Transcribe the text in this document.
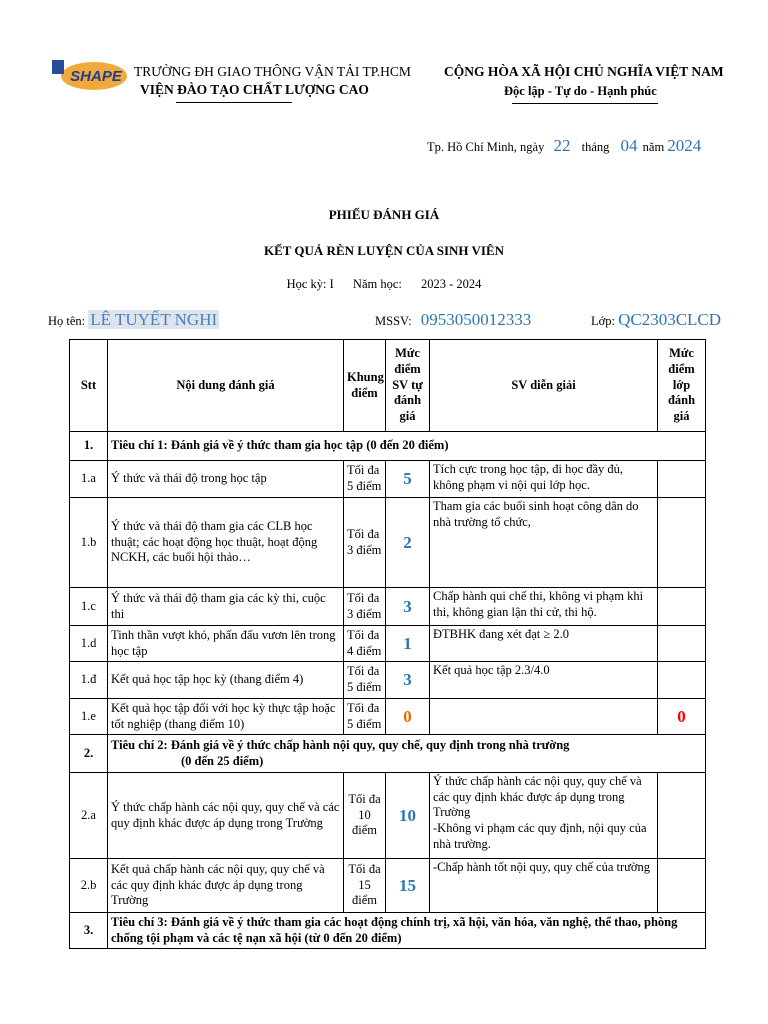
SHAPE TRƯỜNG ĐH GIAO THÔNG VẬN TẢI TP.HCM
VIỆN ĐÀO TẠO CHẤT LƯỢNG CAO
CỘNG HÒA XÃ HỘI CHỦ NGHĨA VIỆT NAM
Độc lập - Tự do - Hạnh phúc
Tp. Hồ Chí Minh, ngày 22 tháng 04 năm 2024
PHIẾU ĐÁNH GIÁ
KẾT QUẢ RÈN LUYỆN CỦA SINH VIÊN
Học kỳ: I Năm học: 2023 - 2024
Họ tên: LÊ TUYẾT NGHI	MSSV: 0953050012333	Lớp: QC2303CLCD
Stt	Nội dung đánh giá	Khung điểm	Mức điểm SV tự đánh giá	SV diễn giải	Mức điểm lớp đánh giá
1.	Tiêu chí 1: Đánh giá về ý thức tham gia học tập (0 đến 20 điểm)				
1.a	Ý thức và thái độ trong học tập	Tối đa 5 điểm	5	Tích cực trong học tập, đi học đầy đủ, không phạm vi nội qui lớp học.	
1.b	Ý thức và thái độ tham gia các CLB học thuật; các hoạt động học thuật, hoạt động NCKH, các buổi hội thảo…	Tối đa 3 điểm	2	Tham gia các buổi sinh hoạt công dân do nhà trường tổ chức,	
1.c	Ý thức và thái độ tham gia các kỳ thi, cuộc thi	Tối đa 3 điểm	3	Chấp hành qui chế thi, không vi phạm khi thi, không gian lận thi cử, thi hộ.	
1.d	Tinh thần vượt khó, phấn đấu vươn lên trong học tập	Tối đa 4 điểm	1	ĐTBHK đang xét đạt ≥ 2.0	
1.đ	Kết quả học tập học kỳ (thang điểm 4)	Tối đa 5 điểm	3	Kết quả học tập 2.3/4.0	
1.e	Kết quả học tập đối với học kỳ thực tập hoặc tốt nghiệp (thang điểm 10)	Tối đa 5 điểm	0		0
2.	Tiêu chí 2: Đánh giá về ý thức chấp hành nội quy, quy chế, quy định trong nhà trường
(0 đến 25 điểm)				

2.a	Ý thức chấp hành các nội quy, quy chế và các quy định khác được áp dụng trong Trường	Tối đa 10 điểm	10	Ý thức chấp hành các nội quy, quy chế và các quy định khác được áp dụng trong Trường
-Không vi phạm các quy định, nội quy của nhà trường.	
2.b	Kết quả chấp hành các nội quy, quy chế và các quy định khác được áp dụng trong Trường	Tối đa 15 điểm	15	-Chấp hành tốt nội quy, quy chế của trường	
3.	Tiêu chí 3: Đánh giá về ý thức tham gia các hoạt động chính trị, xã hội, văn hóa, văn nghệ, thể thao, phòng chống tội phạm và các tệ nạn xã hội (từ 0 đến 20 điểm)				
